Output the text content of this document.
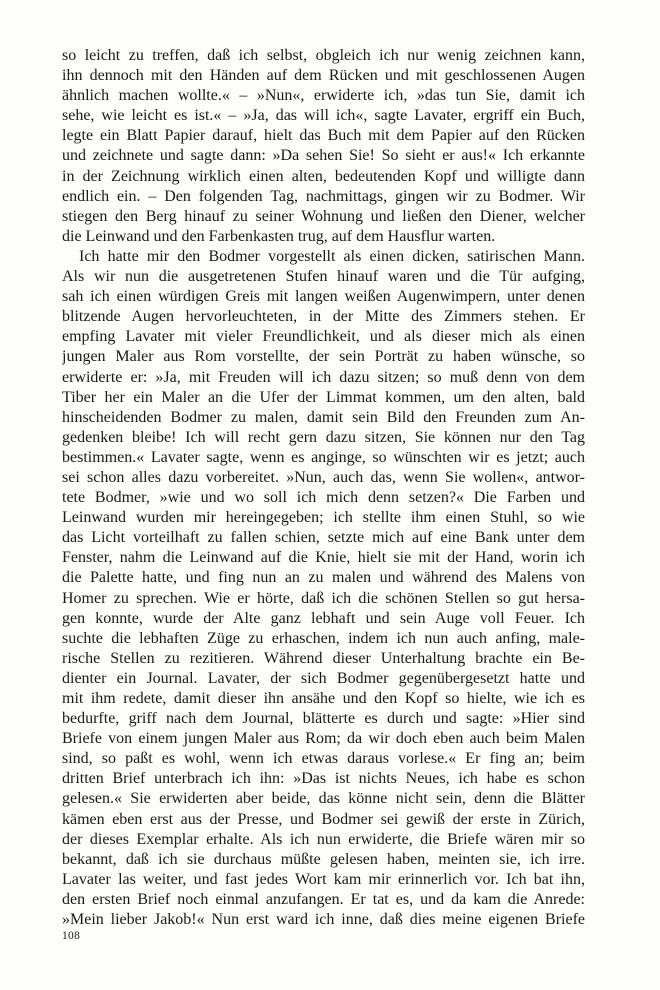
so leicht zu treffen, daß ich selbst, obgleich ich nur wenig zeichnen kann,
ihn dennoch mit den Händen auf dem Rücken und mit geschlossenen Augen
ähnlich machen wollte.« – »Nun«, erwiderte ich, »das tun Sie, damit ich
sehe, wie leicht es ist.« – »Ja, das will ich«, sagte Lavater, ergriff ein Buch,
legte ein Blatt Papier darauf, hielt das Buch mit dem Papier auf den Rücken
und zeichnete und sagte dann: »Da sehen Sie! So sieht er aus!« Ich erkannte
in der Zeichnung wirklich einen alten, bedeutenden Kopf und willigte dann
endlich ein. – Den folgenden Tag, nachmittags, gingen wir zu Bodmer. Wir
stiegen den Berg hinauf zu seiner Wohnung und ließen den Diener, welcher
die Leinwand und den Farbenkasten trug, auf dem Hausflur warten.
Ich hatte mir den Bodmer vorgestellt als einen dicken, satirischen Mann.
Als wir nun die ausgetretenen Stufen hinauf waren und die Tür aufging,
sah ich einen würdigen Greis mit langen weißen Augenwimpern, unter denen
blitzende Augen hervorleuchteten, in der Mitte des Zimmers stehen. Er
empfing Lavater mit vieler Freundlichkeit, und als dieser mich als einen
jungen Maler aus Rom vorstellte, der sein Porträt zu haben wünsche, so
erwiderte er: »Ja, mit Freuden will ich dazu sitzen; so muß denn von dem
Tiber her ein Maler an die Ufer der Limmat kommen, um den alten, bald
hinscheidenden Bodmer zu malen, damit sein Bild den Freunden zum An-
gedenken bleibe! Ich will recht gern dazu sitzen, Sie können nur den Tag
bestimmen.« Lavater sagte, wenn es anginge, so wünschten wir es jetzt; auch
sei schon alles dazu vorbereitet. »Nun, auch das, wenn Sie wollen«, antwor-
tete Bodmer, »wie und wo soll ich mich denn setzen?« Die Farben und
Leinwand wurden mir hereingegeben; ich stellte ihm einen Stuhl, so wie
das Licht vorteilhaft zu fallen schien, setzte mich auf eine Bank unter dem
Fenster, nahm die Leinwand auf die Knie, hielt sie mit der Hand, worin ich
die Palette hatte, und fing nun an zu malen und während des Malens von
Homer zu sprechen. Wie er hörte, daß ich die schönen Stellen so gut hersa-
gen konnte, wurde der Alte ganz lebhaft und sein Auge voll Feuer. Ich
suchte die lebhaften Züge zu erhaschen, indem ich nun auch anfing, male-
rische Stellen zu rezitieren. Während dieser Unterhaltung brachte ein Be-
dienter ein Journal. Lavater, der sich Bodmer gegenübergesetzt hatte und
mit ihm redete, damit dieser ihn ansähe und den Kopf so hielte, wie ich es
bedurfte, griff nach dem Journal, blätterte es durch und sagte: »Hier sind
Briefe von einem jungen Maler aus Rom; da wir doch eben auch beim Malen
sind, so paßt es wohl, wenn ich etwas daraus vorlese.« Er fing an; beim
dritten Brief unterbrach ich ihn: »Das ist nichts Neues, ich habe es schon
gelesen.« Sie erwiderten aber beide, das könne nicht sein, denn die Blätter
kämen eben erst aus der Presse, und Bodmer sei gewiß der erste in Zürich,
der dieses Exemplar erhalte. Als ich nun erwiderte, die Briefe wären mir so
bekannt, daß ich sie durchaus müßte gelesen haben, meinten sie, ich irre.
Lavater las weiter, und fast jedes Wort kam mir erinnerlich vor. Ich bat ihn,
den ersten Brief noch einmal anzufangen. Er tat es, und da kam die Anrede:
»Mein lieber Jakob!« Nun erst ward ich inne, daß dies meine eigenen Briefe
108
